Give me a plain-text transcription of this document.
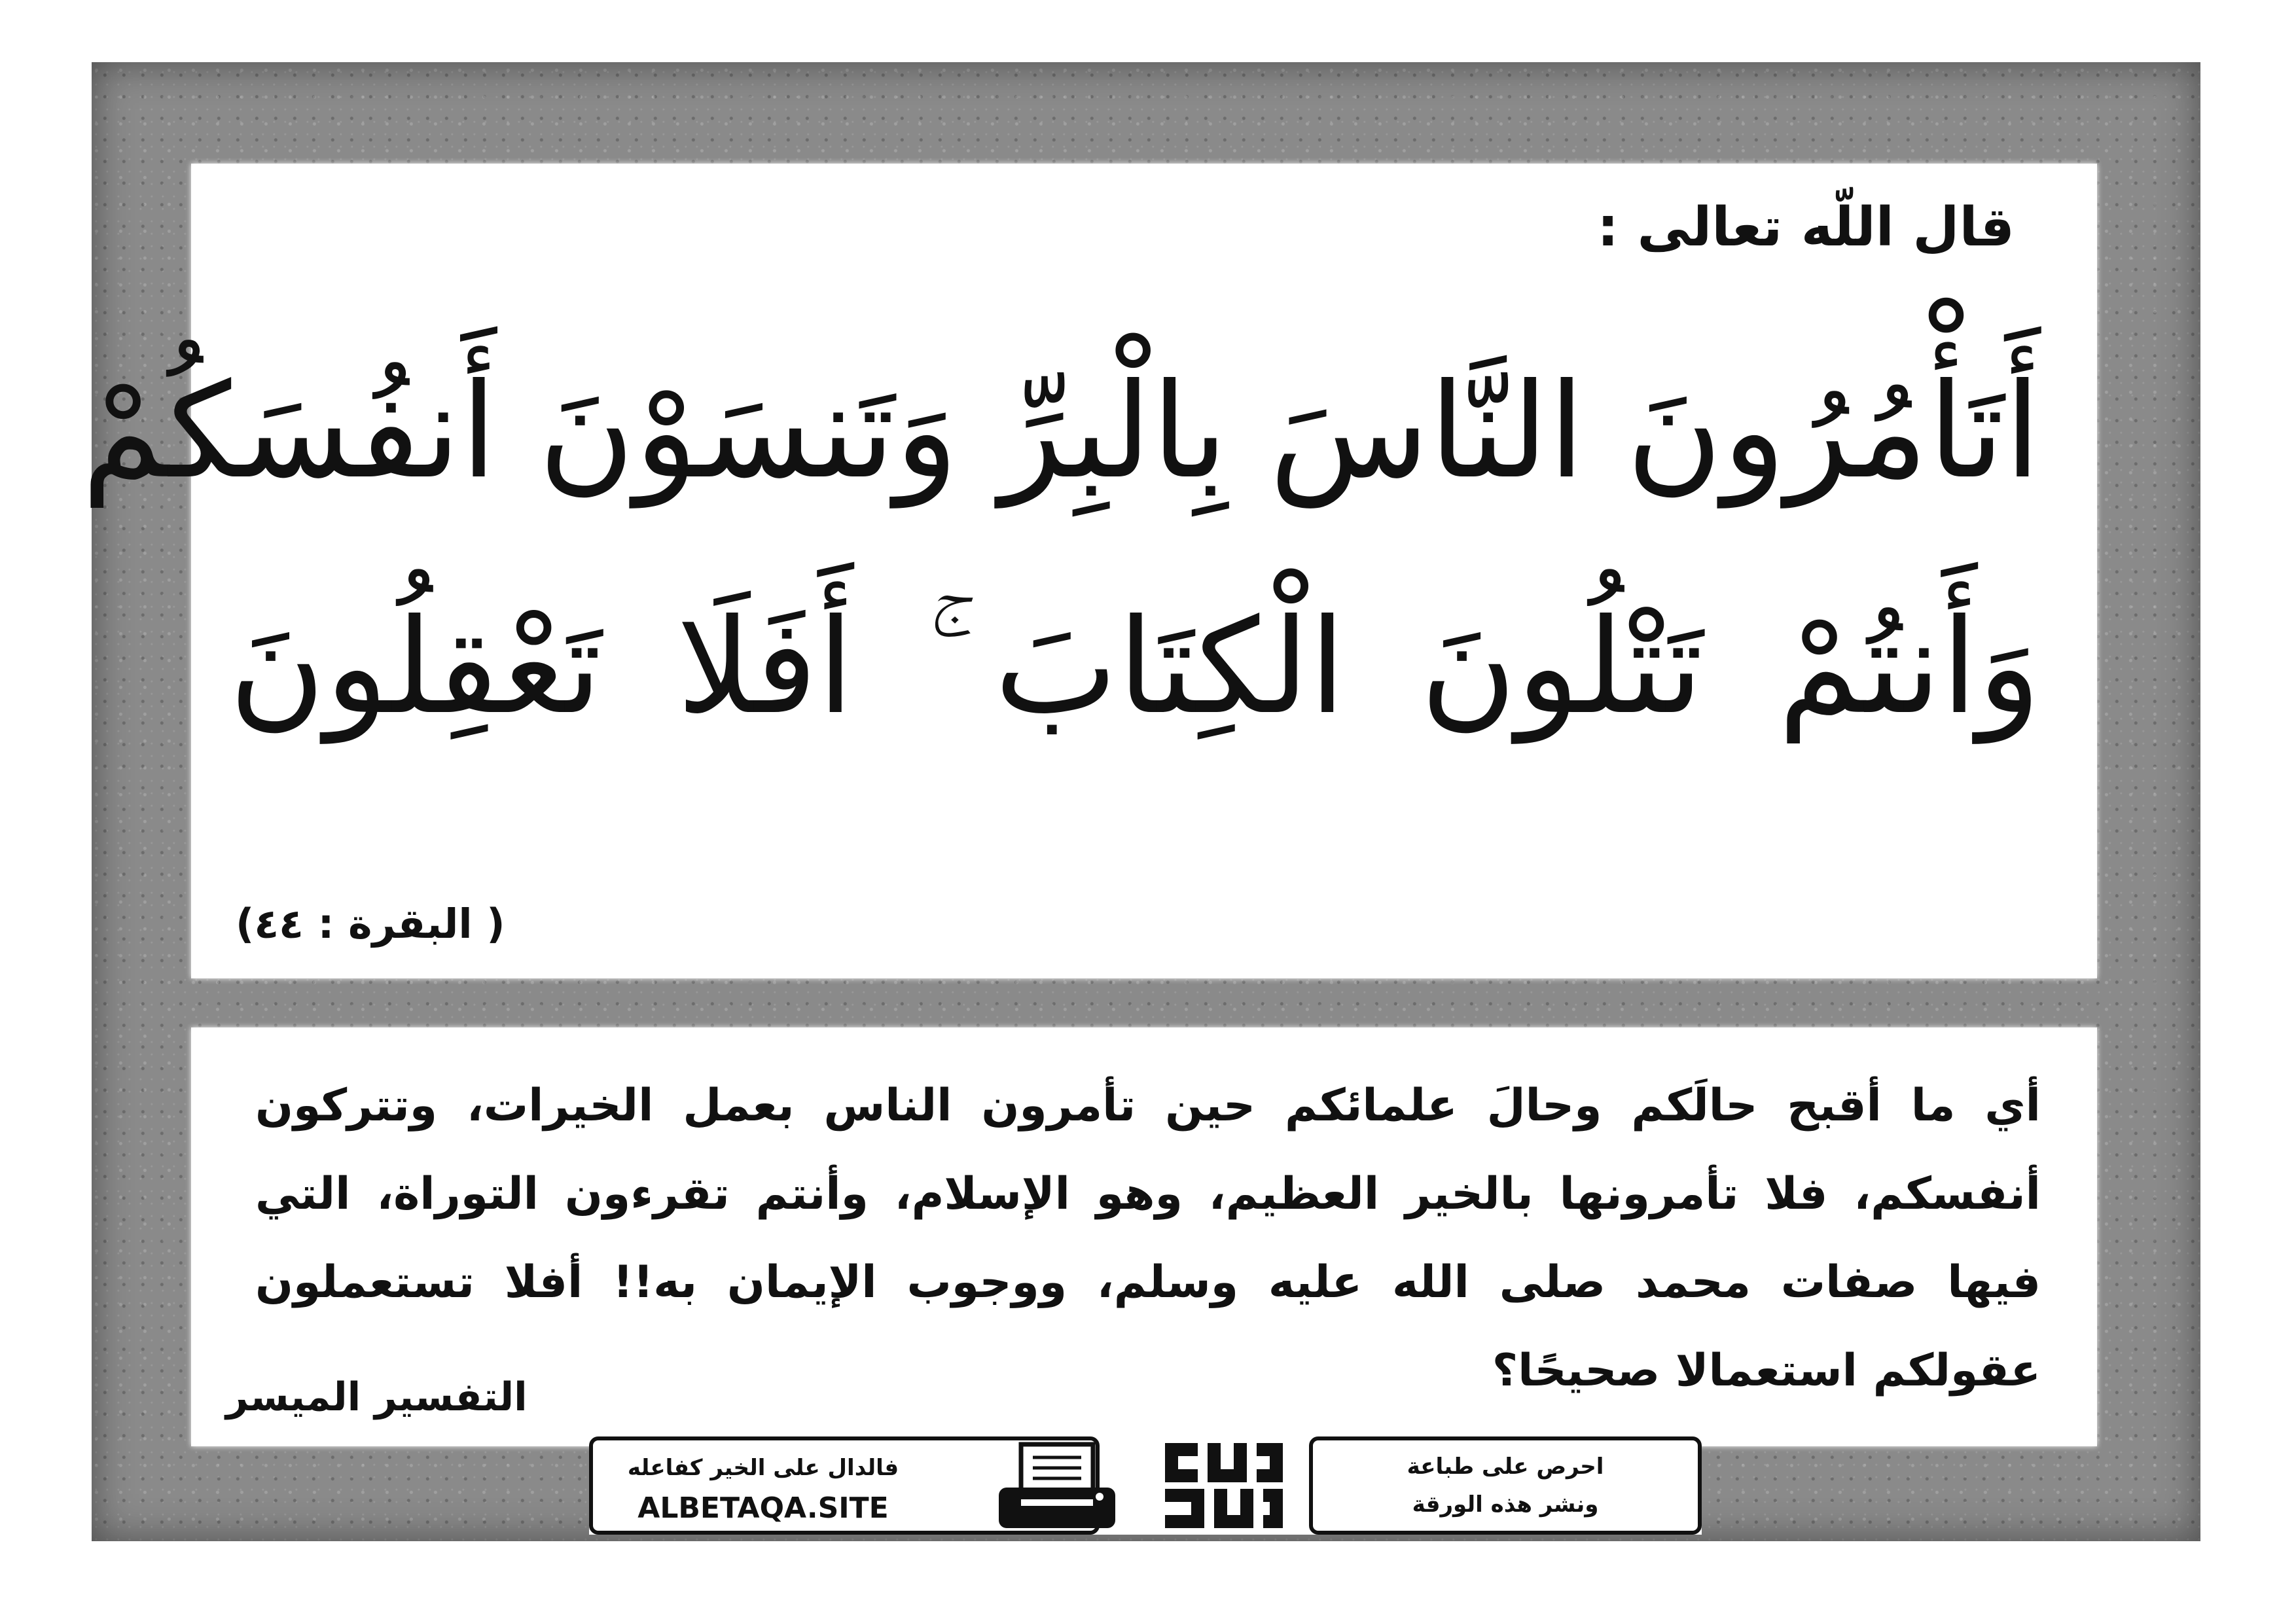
قال اللّه تعالى :
أَتَأْمُرُونَ النَّاسَ بِالْبِرِّ وَتَنسَوْنَ أَنفُسَكُمْ
وَأَنتُمْ تَتْلُونَ الْكِتَابَ ۚ أَفَلَا تَعْقِلُونَ
( البقرة : ٤٤)
أي ما أقبح حالَكم وحالَ علمائكم حين تأمرون الناس بعمل الخيرات، وتتركون
أنفسكم، فلا تأمرونها بالخير العظيم، وهو الإسلام، وأنتم تقرءون التوراة، التي
فيها صفات محمد صلى الله عليه وسلم، ووجوب الإيمان به!! أفلا تستعملون
عقولكم استعمالا صحيحًا؟
التفسير الميسر
فالدال على الخير كفاعله
ALBETAQA.SITE
احرص على طباعة
ونشر هذه الورقة
